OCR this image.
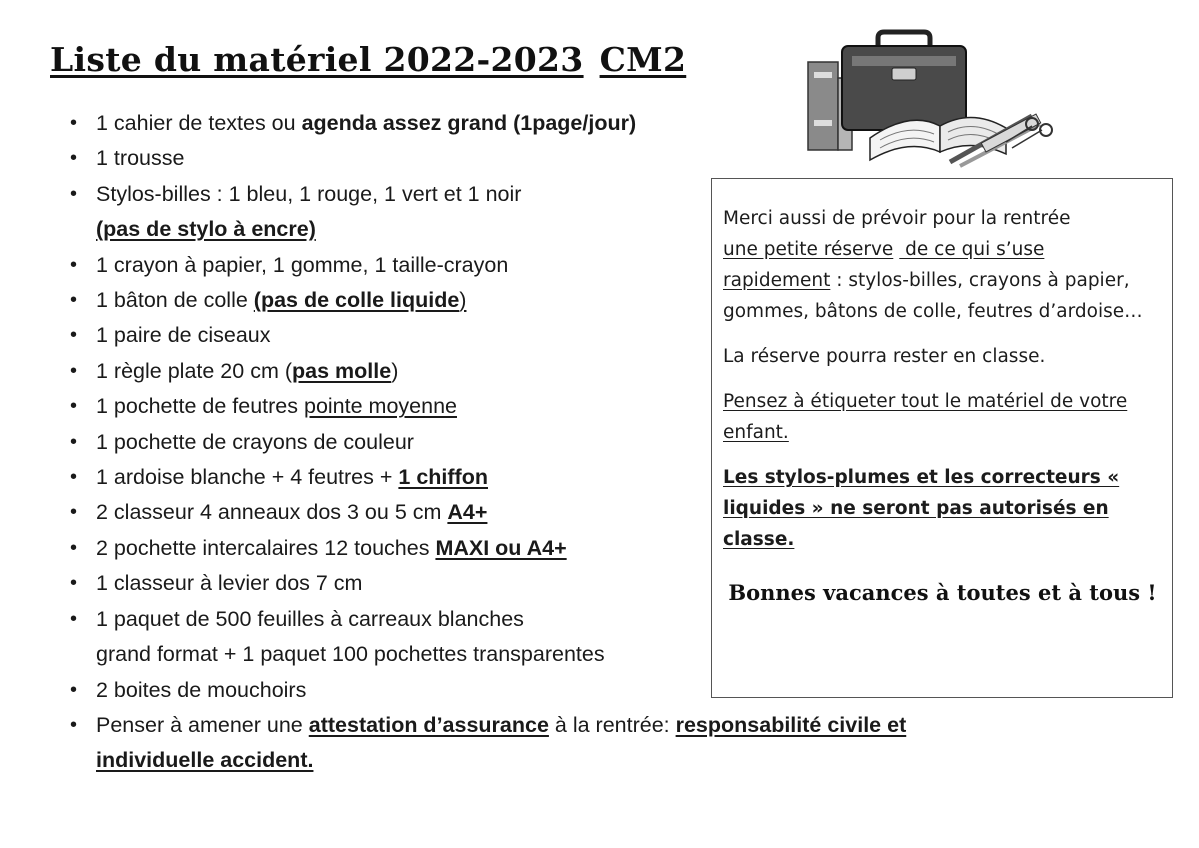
Liste du matériel 2022-2023 CM2
• 1 cahier de textes ou agenda assez grand (1page/jour)
• 1 trousse
• Stylos-billes : 1 bleu, 1 rouge, 1 vert et 1 noir
(pas de stylo à encre)
• 1 crayon à papier, 1 gomme, 1 taille-crayon
• 1 bâton de colle (pas de colle liquide)
• 1 paire de ciseaux
• 1 règle plate 20 cm (pas molle)
• 1 pochette de feutres pointe moyenne
• 1 pochette de crayons de couleur
• 1 ardoise blanche + 4 feutres + 1 chiffon
• 2 classeur 4 anneaux dos 3 ou 5 cm A4+
• 2 pochette intercalaires 12 touches MAXI ou A4+
• 1 classeur à levier dos 7 cm
• 1 paquet de 500 feuilles à carreaux blanches
grand format + 1 paquet 100 pochettes transparentes
• 2 boites de mouchoirs
• Penser à amener une attestation d’assurance à la rentrée: responsabilité civile et
individuelle accident.

Merci aussi de prévoir pour la rentrée
une petite réserve de ce qui s’use
rapidement : stylos-billes, crayons à papier, gommes, bâtons de colle, feutres d’ardoise…

La réserve pourra rester en classe.

Pensez à étiqueter tout le matériel de votre enfant.

Les stylos-plumes et les correcteurs « liquides » ne seront pas autorisés en classe.

Bonnes vacances à toutes et à tous !
